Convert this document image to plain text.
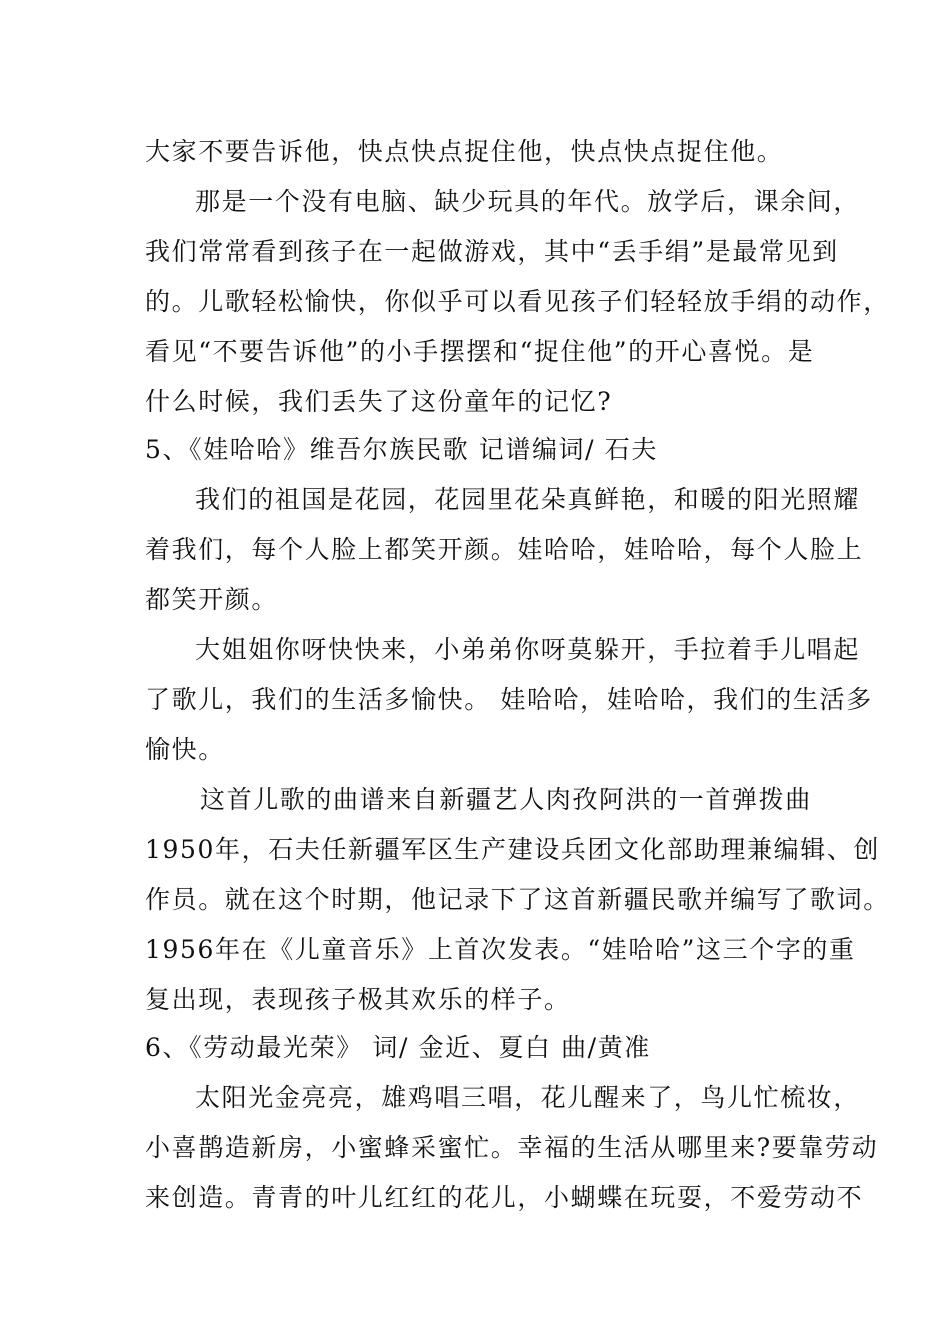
大家不要告诉他，快点快点捉住他，快点快点捉住他。
那是一个没有电脑、缺少玩具的年代。放学后，课余间，
我们常常看到孩子在一起做游戏，其中“丢手绢”是最常见到
的。儿歌轻松愉快，你似乎可以看见孩子们轻轻放手绢的动作，
看见“不要告诉他”的小手摆摆和“捉住他”的开心喜悦。是
什么时候，我们丢失了这份童年的记忆?
5、《娃哈哈》维吾尔族民歌 记谱编词/ 石夫
我们的祖国是花园，花园里花朵真鲜艳，和暖的阳光照耀
着我们，每个人脸上都笑开颜。娃哈哈，娃哈哈，每个人脸上
都笑开颜。
大姐姐你呀快快来，小弟弟你呀莫躲开，手拉着手儿唱起
了歌儿，我们的生活多愉快。 娃哈哈，娃哈哈，我们的生活多
愉快。
这首儿歌的曲谱来自新疆艺人肉孜阿洪的一首弹拨曲
1950年，石夫任新疆军区生产建设兵团文化部助理兼编辑、创
作员。就在这个时期，他记录下了这首新疆民歌并编写了歌词。
1956年在《儿童音乐》上首次发表。“娃哈哈”这三个字的重
复出现，表现孩子极其欢乐的样子。
6、《劳动最光荣》 词/ 金近、夏白 曲/黄准
太阳光金亮亮，雄鸡唱三唱，花儿醒来了，鸟儿忙梳妆，
小喜鹊造新房，小蜜蜂采蜜忙。幸福的生活从哪里来?要靠劳动
来创造。青青的叶儿红红的花儿，小蝴蝶在玩耍，不爱劳动不
